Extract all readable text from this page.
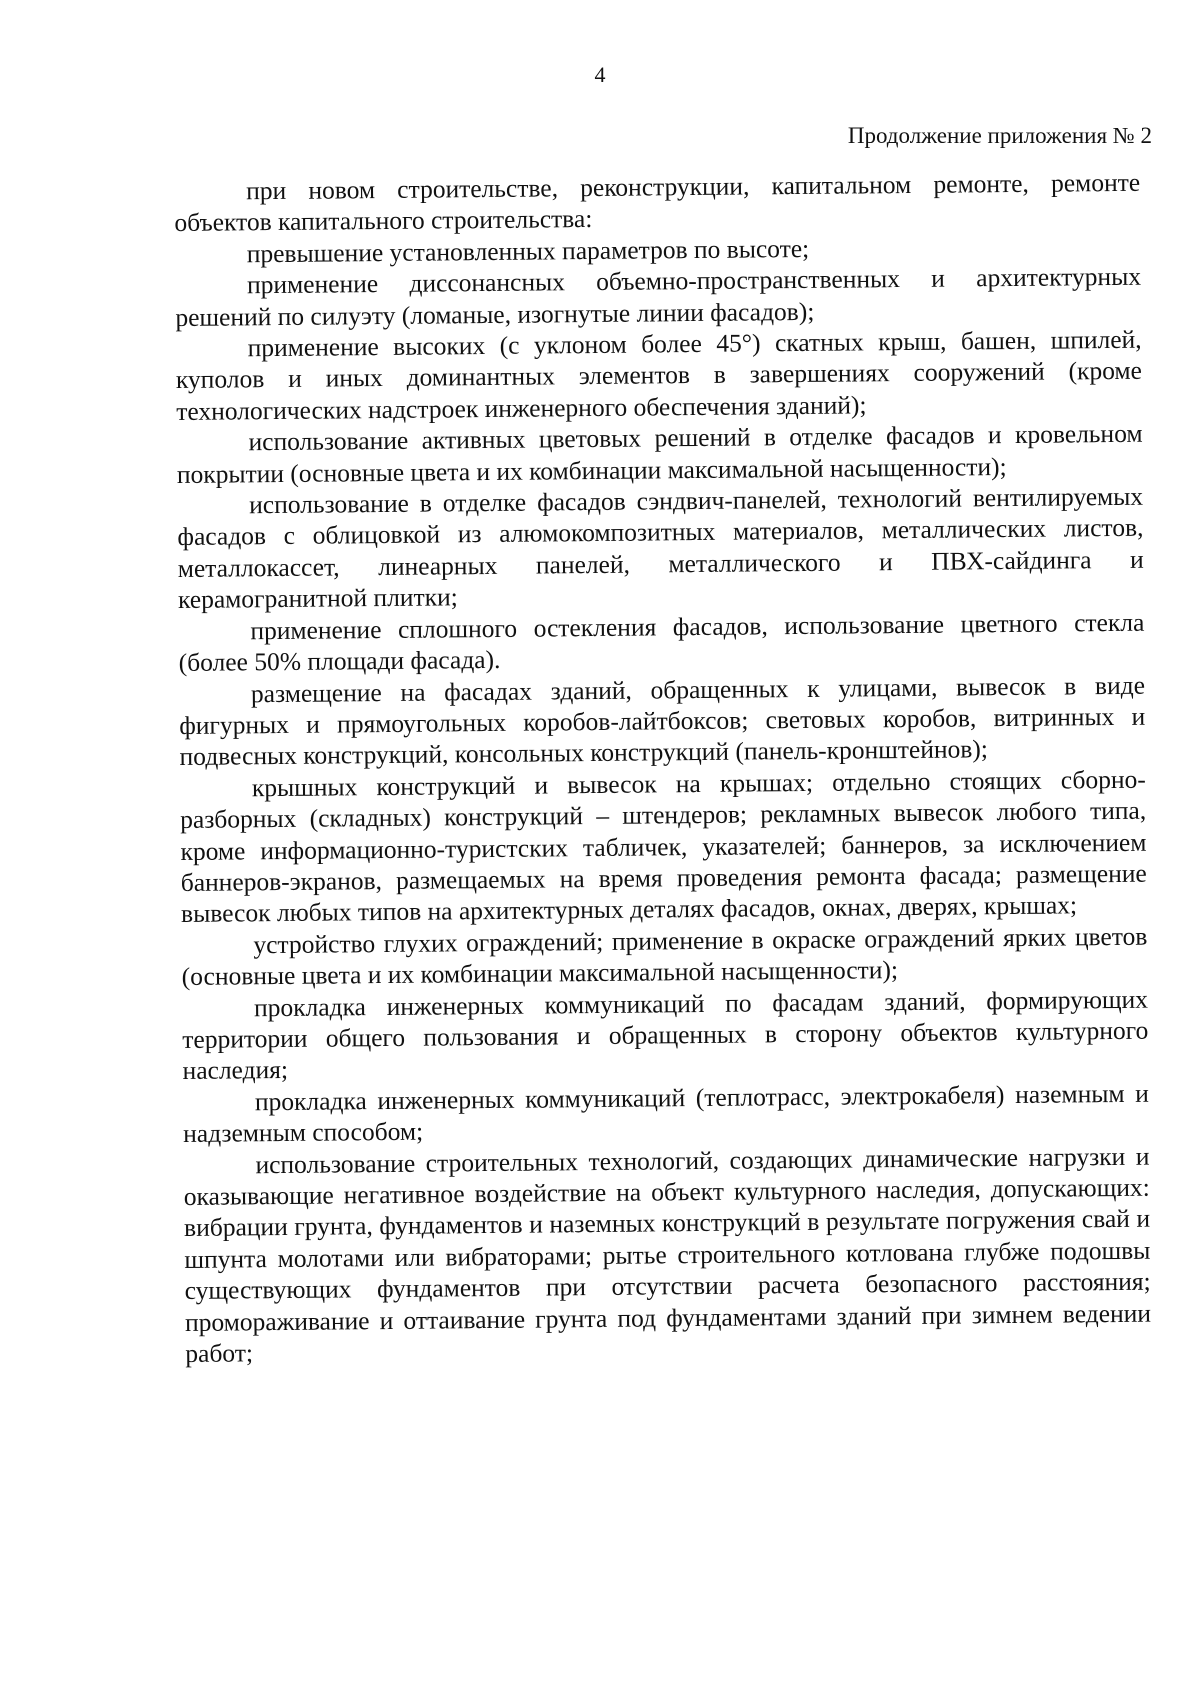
4
Продолжение приложения № 2

при новом строительстве, реконструкции, капитальном ремонте, ремонте объектов капитального строительства:

превышение установленных параметров по высоте;

применение диссонансных объемно-пространственных и архитектурных решений по силуэту (ломаные, изогнутые линии фасадов);

применение высоких (с уклоном более 45°) скатных крыш, башен, шпилей, куполов и иных доминантных элементов в завершениях сооружений (кроме технологических надстроек инженерного обеспечения зданий);

использование активных цветовых решений в отделке фасадов и кровельном покрытии (основные цвета и их комбинации максимальной насыщенности);

использование в отделке фасадов сэндвич-панелей, технологий вентилируемых фасадов с облицовкой из алюмокомпозитных материалов, металлических листов, металлокассет, линеарных панелей, металлического и ПВХ-сайдинга и керамогранитной плитки;

применение сплошного остекления фасадов, использование цветного стекла (более 50% площади фасада).

размещение на фасадах зданий, обращенных к улицами, вывесок в виде фигурных и прямоугольных коробов-лайтбоксов; световых коробов, витринных и подвесных конструкций, консольных конструкций (панель-кронштейнов);

крышных конструкций и вывесок на крышах; отдельно стоящих сборно-разборных (складных) конструкций – штендеров; рекламных вывесок любого типа, кроме информационно-туристских табличек, указателей; баннеров, за исключением баннеров-экранов, размещаемых на время проведения ремонта фасада; размещение вывесок любых типов на архитектурных деталях фасадов, окнах, дверях, крышах;

устройство глухих ограждений; применение в окраске ограждений ярких цветов (основные цвета и их комбинации максимальной насыщенности);

прокладка инженерных коммуникаций по фасадам зданий, формирующих территории общего пользования и обращенных в сторону объектов культурного наследия;

прокладка инженерных коммуникаций (теплотрасс, электрокабеля) наземным и надземным способом;

использование строительных технологий, создающих динамические нагрузки и оказывающие негативное воздействие на объект культурного наследия, допускающих: вибрации грунта, фундаментов и наземных конструкций в результате погружения свай и шпунта молотами или вибраторами; рытье строительного котлована глубже подошвы существующих фундаментов при отсутствии расчета безопасного расстояния; промораживание и оттаивание грунта под фундаментами зданий при зимнем ведении работ;
